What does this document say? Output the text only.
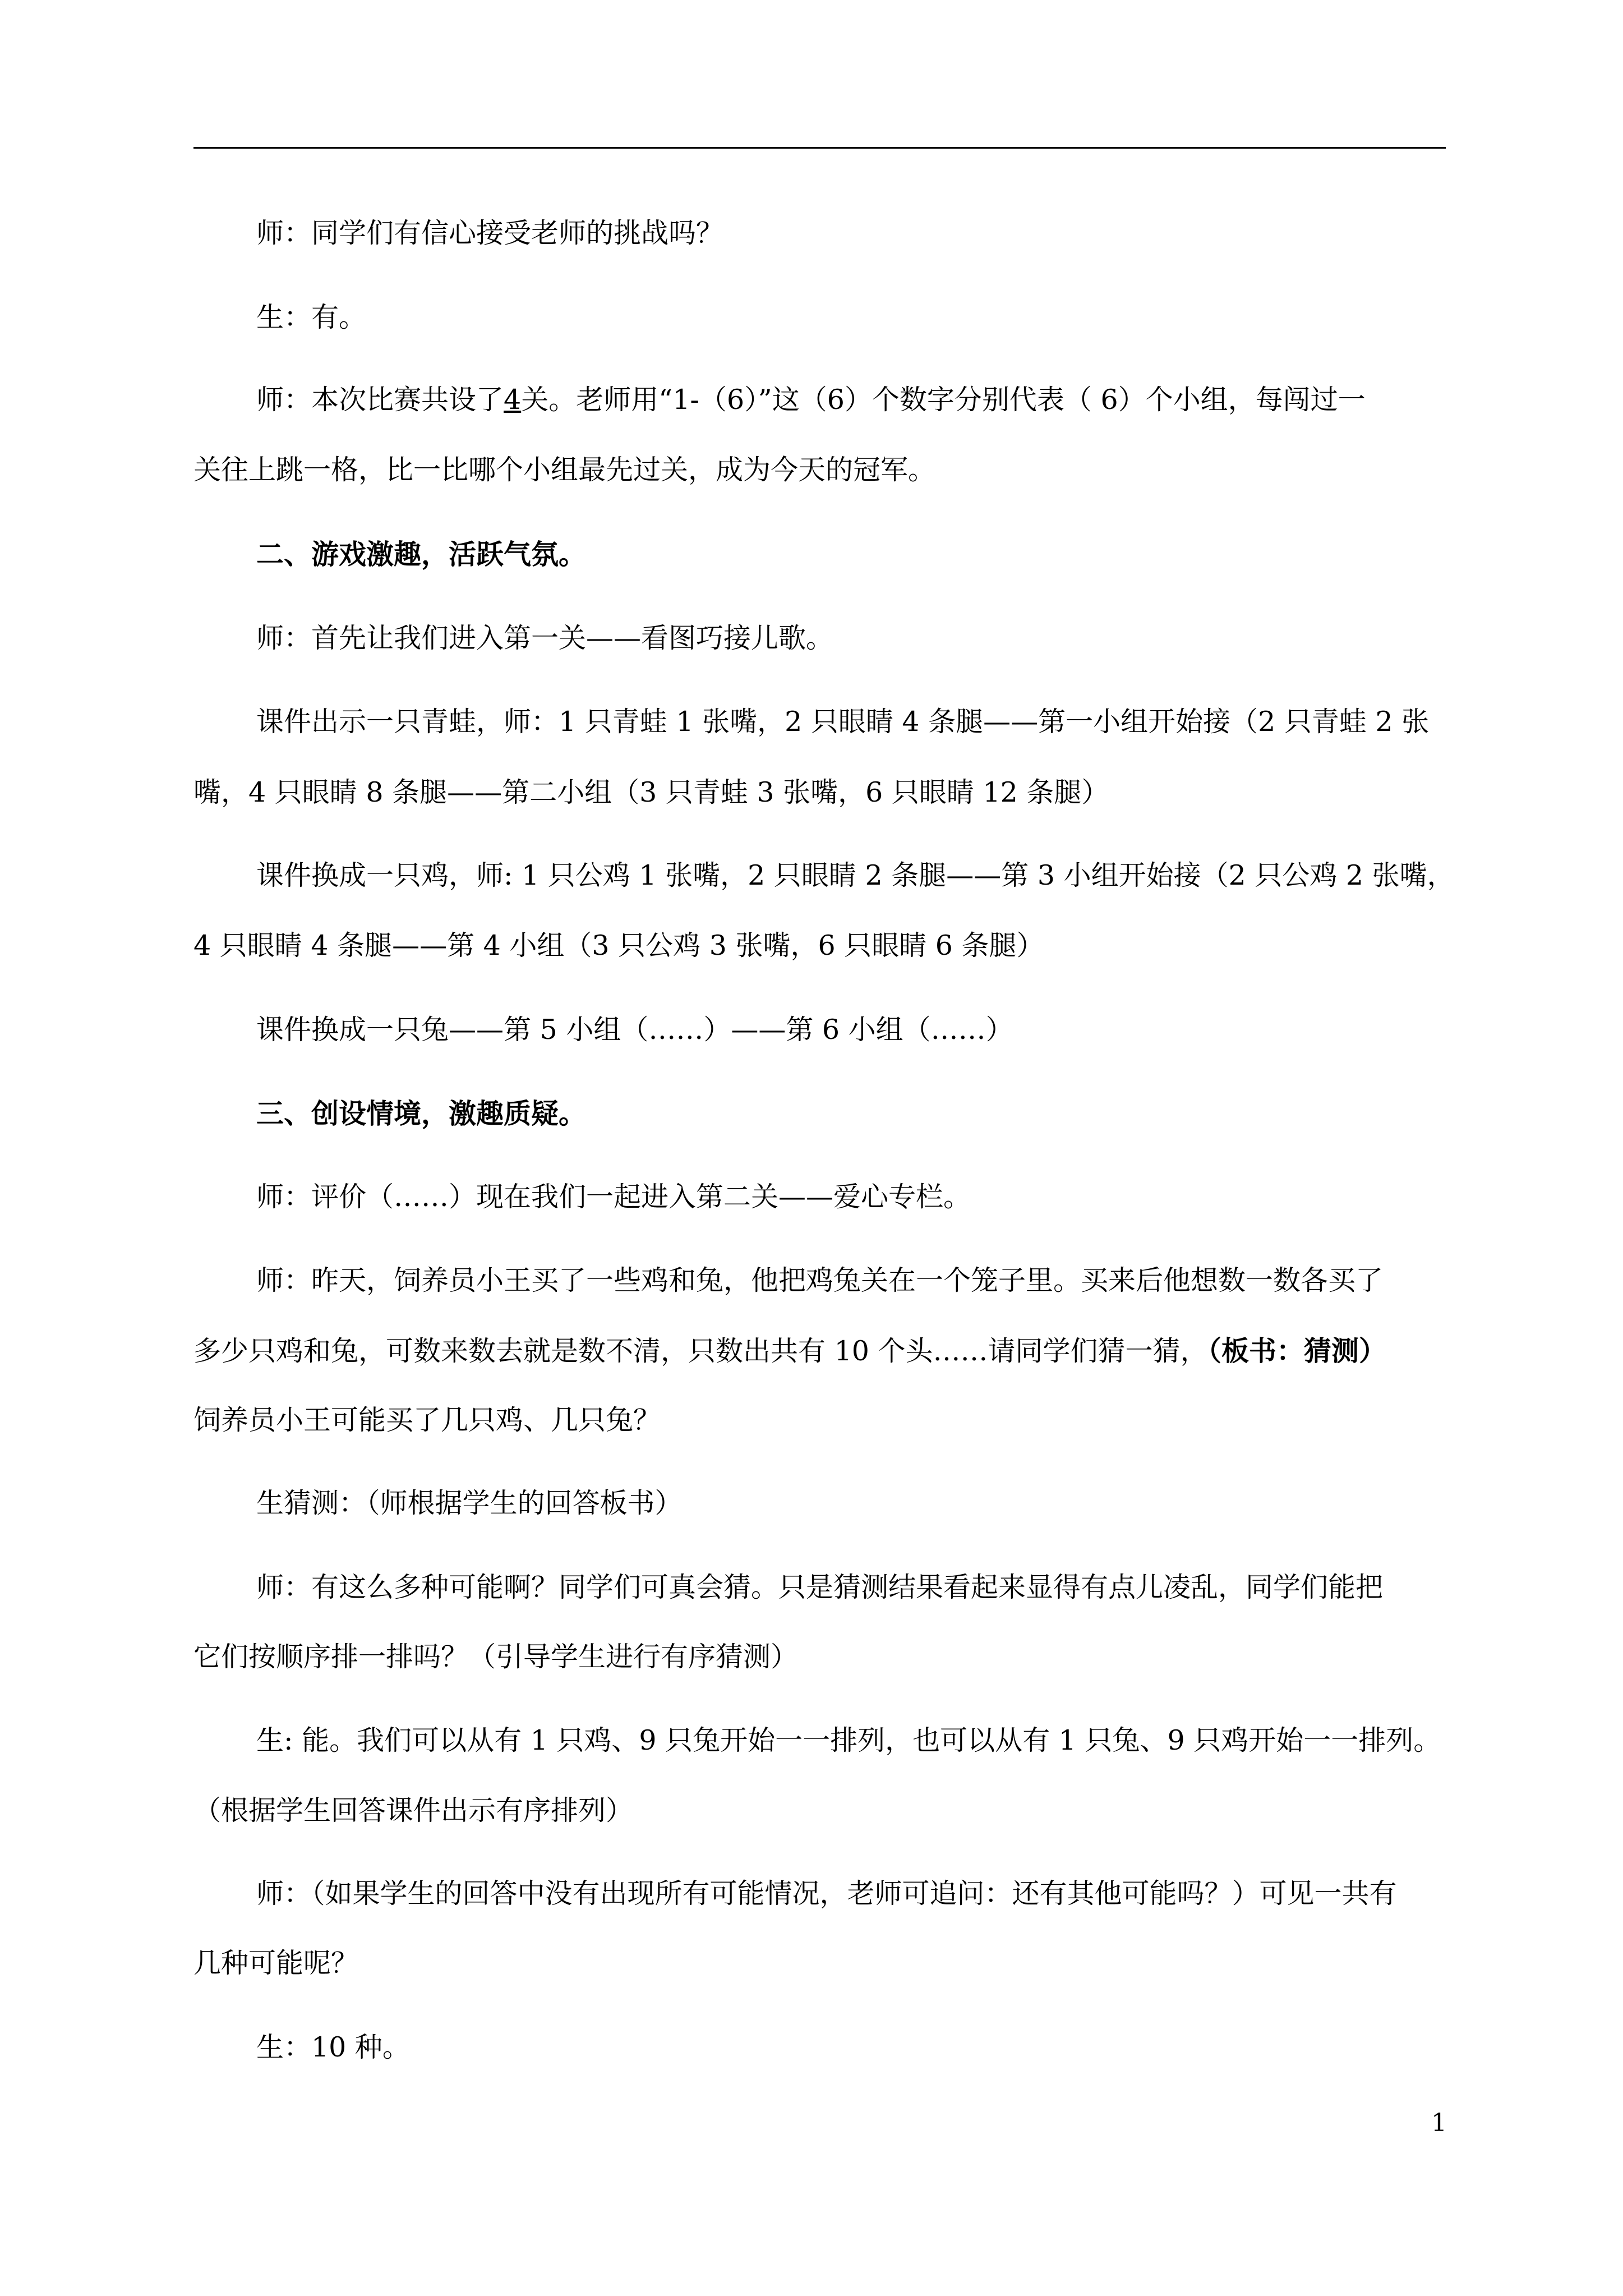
师：同学们有信心接受老师的挑战吗？

生：有。

师：本次比赛共设了4关。老师用“1-（6）”这（6）个数字分别代表（ 6）个小组，每闯过一

关往上跳一格，比一比哪个小组最先过关，成为今天的冠军。

二、游戏激趣，活跃气氛。

师：首先让我们进入第一关——看图巧接儿歌。

课件出示一只青蛙，师：1 只青蛙 1 张嘴，2 只眼睛 4 条腿——第一小组开始接（2 只青蛙 2 张

嘴，4 只眼睛 8 条腿——第二小组（3 只青蛙 3 张嘴，6 只眼睛 12 条腿）

课件换成一只鸡，师: 1 只公鸡 1 张嘴，2 只眼睛 2 条腿——第 3 小组开始接（2 只公鸡 2 张嘴，

4 只眼睛 4 条腿——第 4 小组（3 只公鸡 3 张嘴，6 只眼睛 6 条腿）

课件换成一只兔——第 5 小组（……）——第 6 小组（……）

三、创设情境，激趣质疑。

师：评价（……）现在我们一起进入第二关——爱心专栏。

师：昨天，饲养员小王买了一些鸡和兔，他把鸡兔关在一个笼子里。买来后他想数一数各买了

多少只鸡和兔，可数来数去就是数不清，只数出共有 10 个头……请同学们猜一猜，（板书：猜测）

饲养员小王可能买了几只鸡、几只兔？

生猜测：（师根据学生的回答板书）

师：有这么多种可能啊？同学们可真会猜。只是猜测结果看起来显得有点儿凌乱，同学们能把

它们按顺序排一排吗？（引导学生进行有序猜测）

生: 能。我们可以从有 1 只鸡、9 只兔开始一一排列，也可以从有 1 只兔、9 只鸡开始一一排列。

（根据学生回答课件出示有序排列）

师：（如果学生的回答中没有出现所有可能情况，老师可追问：还有其他可能吗？）可见一共有

几种可能呢？

生：10 种。

1
